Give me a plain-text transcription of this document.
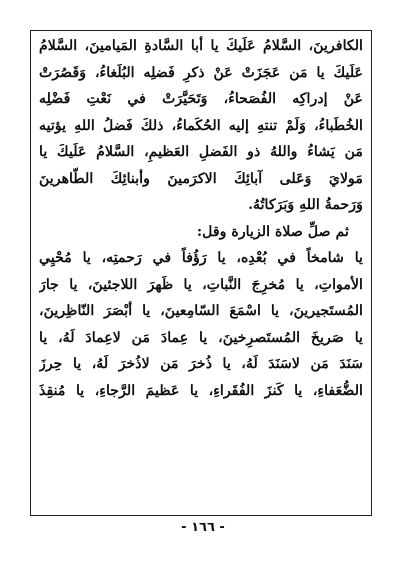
الكافرينَ، السَّلامُ عَلَيكَ يا أبا السَّادةِ المَيامينَ، السَّلامُ
عَلَيكَ يا مَن عَجَزَتْ عَنْ ذكرِ فَضلِه البُلَغاءُ، وَقَصُرَتْ
عَنْ إدراكِه الفُصَحاءُ، وَتَحَيَّرَتْ في نَعْتِ فَضْلِه
الخُطَباءُ، وَلَمْ تنتهِ إليه الحُكَماءُ، ذلكَ فَضلُ اللهِ يؤتيه
مَن يَشاءُ واللهُ ذو الفَضلِ العَظيمِ، السَّلامُ عَلَيكَ يا
مَولايَ وَعَلى آبائِكَ الاكرَمينَ وأبنائِكَ الطّاهرينَ
وَرَحمةُ اللهِ وَبَرَكاتُهُ.
ثم صلِّ صلاة الزيارة وقل:
يا شامخاً في بُعْدِه، يا رَؤُفاً في رَحمتِه، يا مُحْيِي
الأمواتِ، يا مُخرِجَ النَّباتِ، يا ظَهرَ اللاجئينَ، يا جارَ
المُستَجيرينَ، يا اسْمَعَ السّامِعينَ، يا أبْصَرَ النّاظِرينَ،
يا صَريخَ المُستَصرِخينَ، يا عِمادَ مَن لاعِمادَ لَهُ، يا
سَنَدَ مَن لاسَنَدَ لَهُ، يا ذُخرَ مَن لاذُخرَ لَهُ، يا حِرزَ
الضُّعَفاءِ، يا كَنزَ الفُقَراءِ، يا عَظيمَ الرَّجاءِ، يا مُنقِذَ
- ١٦٦ -
